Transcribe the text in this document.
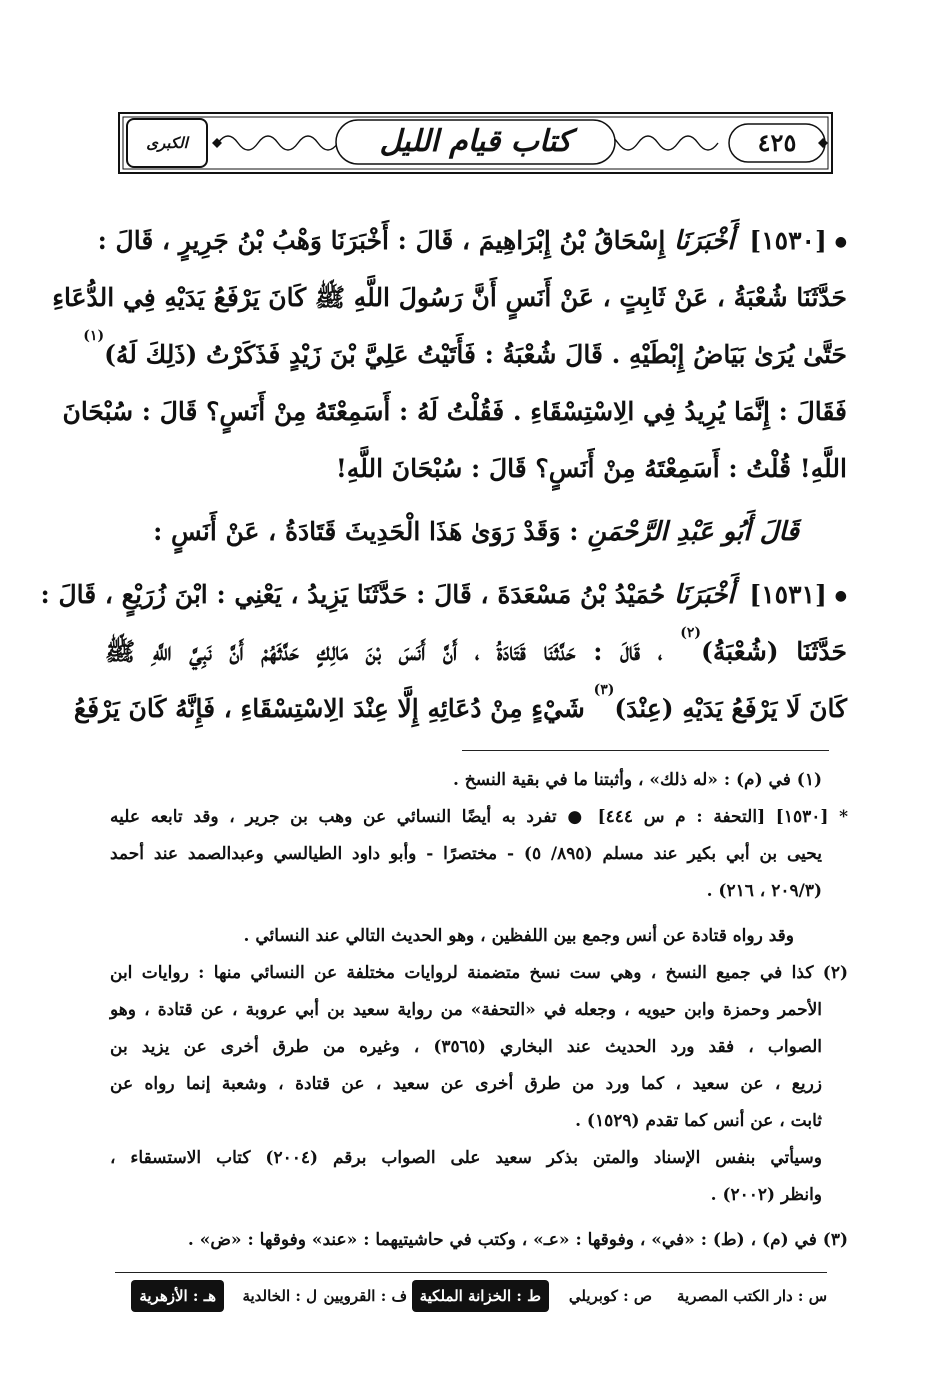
الكبرى	كتاب قيام الليل	٤٢٥
●[١٥٣٠] أَخْبَرَنَا إِسْحَاقُ بْنُ إِبْرَاهِيمَ ، قَالَ : أَخْبَرَنَا وَهْبُ بْنُ جَرِيرٍ ، قَالَ :
حَدَّثَنَا شُعْبَةُ ، عَنْ ثَابِتٍ ، عَنْ أَنَسٍ أَنَّ رَسُولَ اللَّهِ ﷺ كَانَ يَرْفَعُ يَدَيْهِ فِي الدُّعَاءِ
حَتَّىٰ يُرَىٰ بَيَاضُ إِبْطَيْهِ . قَالَ شُعْبَةُ : فَأَتَيْتُ عَلِيَّ بْنَ زَيْدٍ فَذَكَرْتُ (ذَلِكَ لَهُ)$^{(١)}$
فَقَالَ : إِنَّمَا يُرِيدُ فِي الِاسْتِسْقَاءِ . فَقُلْتُ لَهُ : أَسَمِعْتَهُ مِنْ أَنَسٍ؟ قَالَ : سُبْحَانَ
اللَّهِ! قُلْتُ : أَسَمِعْتَهُ مِنْ أَنَسٍ؟ قَالَ : سُبْحَانَ اللَّهِ!
قَالَ أَبُو عَبْدِ الرَّحْمَنِ : وَقَدْ رَوَىٰ هَذَا الْحَدِيثَ قَتَادَةُ ، عَنْ أَنَسٍ :
●[١٥٣١] أَخْبَرَنَا حُمَيْدُ بْنُ مَسْعَدَةَ ، قَالَ : حَدَّثَنَا يَزِيدُ ، يَعْنِي : ابْنَ زُرَيْعٍ ، قَالَ :
حَدَّثَنَا (شُعْبَةُ)$^{(٢)}$ ، قَالَ : حَدَّثَنَا قَتَادَةُ ، أَنَّ أَنَسَ بْنَ مَالِكٍ حَدَّثَهُمْ أَنَّ نَبِيَّ اللَّهِ ﷺ
كَانَ لَا يَرْفَعُ يَدَيْهِ (عِنْدَ)$^{(٣)}$ شَيْءٍ مِنْ دُعَائِهِ إِلَّا عِنْدَ الِاسْتِسْقَاءِ ، فَإِنَّهُ كَانَ يَرْفَعُ
(١) في (م) : «له ذلك» ، وأثبتنا ما في بقية النسخ .
* [١٥٣٠] [التحفة : م س ٤٤٤] ● تفرد به أيضًا النسائي عن وهب بن جرير ، وقد تابعه عليه
يحيى بن أبي بكير عند مسلم (٨٩٥/ ٥) - مختصرًا - وأبو داود الطيالسي وعبدالصمد عند أحمد
(٢٠٩/٣ ، ٢١٦) .
وقد رواه قتادة عن أنس وجمع بين اللفظين ، وهو الحديث التالي عند النسائي .
(٢) كذا في جميع النسخ ، وهي ست نسخ متضمنة لروايات مختلفة عن النسائي منها : روايات ابن
الأحمر وحمزة وابن حيويه ، وجعله في «التحفة» من رواية سعيد بن أبي عروبة ، عن قتادة ، وهو
الصواب ، فقد ورد الحديث عند البخاري (٣٥٦٥) ، وغيره من طرق أخرى عن يزيد بن
زريع ، عن سعيد ، كما ورد من طرق أخرى عن سعيد ، عن قتادة ، وشعبة إنما رواه عن
ثابت ، عن أنس كما تقدم (١٥٢٩) .
وسيأتي بنفس الإسناد والمتن بذكر سعيد على الصواب برقم (٢٠٠٤) كتاب الاستسقاء ،
وانظر (٢٠٠٢) .
(٣) في (م) ، (ط) : «في» ، وفوقها : «عـ» ، وكتب في حاشيتيهما : «عند» وفوقها : «ض» .
س : دار الكتب المصرية
ص : كوبريلي
ط : الخزانة الملكية
ف : القرويين
ل : الخالدية
هـ : الأزهرية
